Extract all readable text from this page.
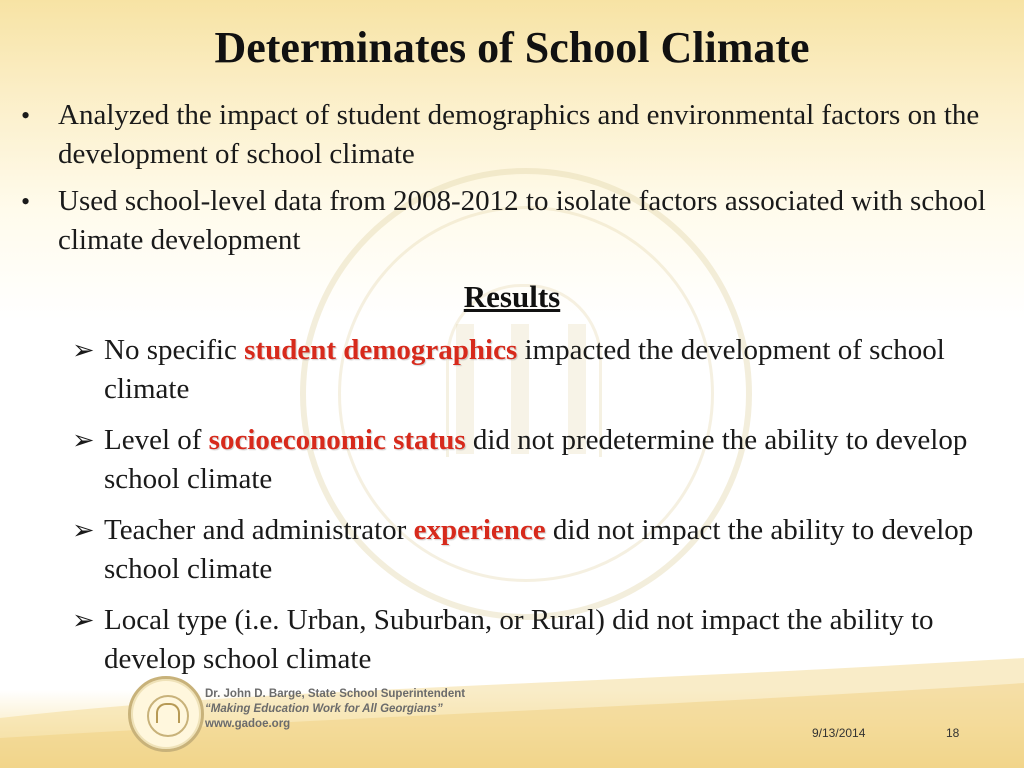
Determinates of School Climate
• Analyzed the impact of student demographics and environmental factors on the development of school climate
• Used school-level data from 2008-2012 to isolate factors associated with school climate development
Results
➢ No specific student demographics impacted the development of school climate
➢ Level of socioeconomic status did not predetermine the ability to develop school climate
➢ Teacher and administrator experience did not impact the ability to develop school climate
➢ Local type (i.e. Urban, Suburban, or Rural) did not impact the ability to develop school climate
Dr. John D. Barge, State School Superintendent
“Making Education Work for All Georgians”
www.gadoe.org
9/13/2014	18
